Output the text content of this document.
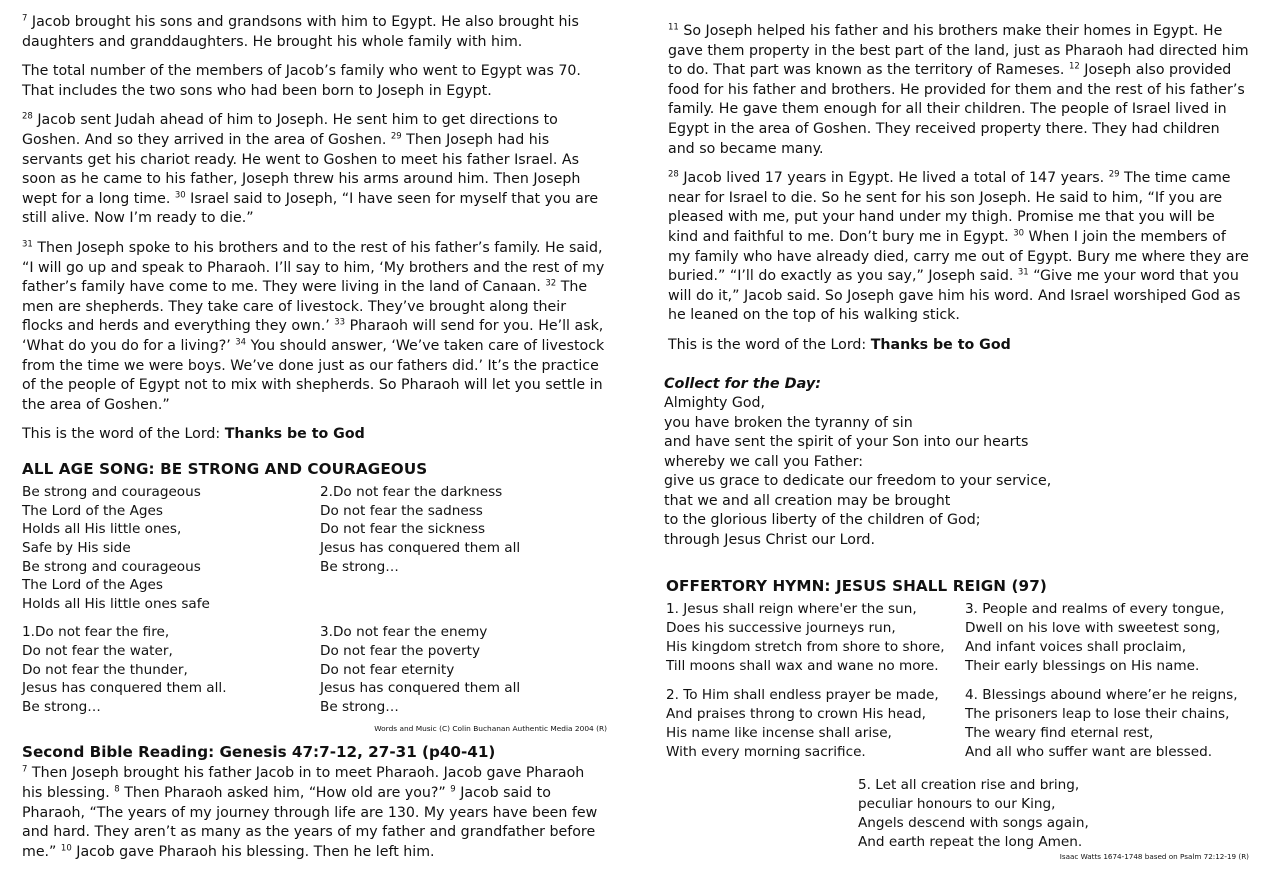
$^7$ Jacob brought his sons and grandsons with him to Egypt. He also brought his daughters and granddaughters. He brought his whole family with him.

The total number of the members of Jacob’s family who went to Egypt was 70. That includes the two sons who had been born to Joseph in Egypt.

$^{28}$ Jacob sent Judah ahead of him to Joseph. He sent him to get directions to Goshen. And so they arrived in the area of Goshen. $^{29}$ Then Joseph had his servants get his chariot ready. He went to Goshen to meet his father Israel. As soon as he came to his father, Joseph threw his arms around him. Then Joseph wept for a long time. $^{30}$ Israel said to Joseph, “I have seen for myself that you are still alive. Now I’m ready to die.”

$^{31}$ Then Joseph spoke to his brothers and to the rest of his father’s family. He said, “I will go up and speak to Pharaoh. I’ll say to him, ‘My brothers and the rest of my father’s family have come to me. They were living in the land of Canaan. $^{32}$ The men are shepherds. They take care of livestock. They’ve brought along their flocks and herds and everything they own.’ $^{33}$ Pharaoh will send for you. He’ll ask, ‘What do you do for a living?’ $^{34}$ You should answer, ‘We’ve taken care of livestock from the time we were boys. We’ve done just as our fathers did.’ It’s the practice of the people of Egypt not to mix with shepherds. So Pharaoh will let you settle in the area of Goshen.”

This is the word of the Lord: Thanks be to God

ALL AGE SONG: BE STRONG AND COURAGEOUS
Be strong and courageous
The Lord of the Ages
Holds all His little ones,
Safe by His side
Be strong and courageous
The Lord of the Ages
Holds all His little ones safe
2.Do not fear the darkness
Do not fear the sadness
Do not fear the sickness
Jesus has conquered them all
Be strong…
1.Do not fear the fire,
Do not fear the water,
Do not fear the thunder,
Jesus has conquered them all.
Be strong…
3.Do not fear the enemy
Do not fear the poverty
Do not fear eternity
Jesus has conquered them all
Be strong…
Words and Music (C) Colin Buchanan Authentic Media 2004 (R)
Second Bible Reading: Genesis 47:7-12, 27-31 (p40-41)

$^7$ Then Joseph brought his father Jacob in to meet Pharaoh. Jacob gave Pharaoh his blessing. $^8$ Then Pharaoh asked him, “How old are you?” $^9$ Jacob said to Pharaoh, “The years of my journey through life are 130. My years have been few and hard. They aren’t as many as the years of my father and grandfather before me.” $^{10}$ Jacob gave Pharaoh his blessing. Then he left him.

$^{11}$ So Joseph helped his father and his brothers make their homes in Egypt. He gave them property in the best part of the land, just as Pharaoh had directed him to do. That part was known as the territory of Rameses. $^{12}$ Joseph also provided food for his father and brothers. He provided for them and the rest of his father’s family. He gave them enough for all their children. The people of Israel lived in Egypt in the area of Goshen. They received property there. They had children and so became many.

$^{28}$ Jacob lived 17 years in Egypt. He lived a total of 147 years. $^{29}$ The time came near for Israel to die. So he sent for his son Joseph. He said to him, “If you are pleased with me, put your hand under my thigh. Promise me that you will be kind and faithful to me. Don’t bury me in Egypt. $^{30}$ When I join the members of my family who have already died, carry me out of Egypt. Bury me where they are buried.” “I’ll do exactly as you say,” Joseph said. $^{31}$ “Give me your word that you will do it,” Jacob said. So Joseph gave him his word. And Israel worshiped God as he leaned on the top of his walking stick.

This is the word of the Lord: Thanks be to God

Collect for the Day:
Almighty God,
you have broken the tyranny of sin
and have sent the spirit of your Son into our hearts
whereby we call you Father:
give us grace to dedicate our freedom to your service,
that we and all creation may be brought
to the glorious liberty of the children of God;
through Jesus Christ our Lord.
OFFERTORY HYMN: JESUS SHALL REIGN (97)
1. Jesus shall reign where'er the sun,
Does his successive journeys run,
His kingdom stretch from shore to shore,
Till moons shall wax and wane no more.
3. People and realms of every tongue,
Dwell on his love with sweetest song,
And infant voices shall proclaim,
Their early blessings on His name.
2. To Him shall endless prayer be made,
And praises throng to crown His head,
His name like incense shall arise,
With every morning sacrifice.
4. Blessings abound where’er he reigns,
The prisoners leap to lose their chains,
The weary find eternal rest,
And all who suffer want are blessed.
5. Let all creation rise and bring,
peculiar honours to our King,
Angels descend with songs again,
And earth repeat the long Amen.
Isaac Watts 1674-1748 based on Psalm 72:12-19 (R)
